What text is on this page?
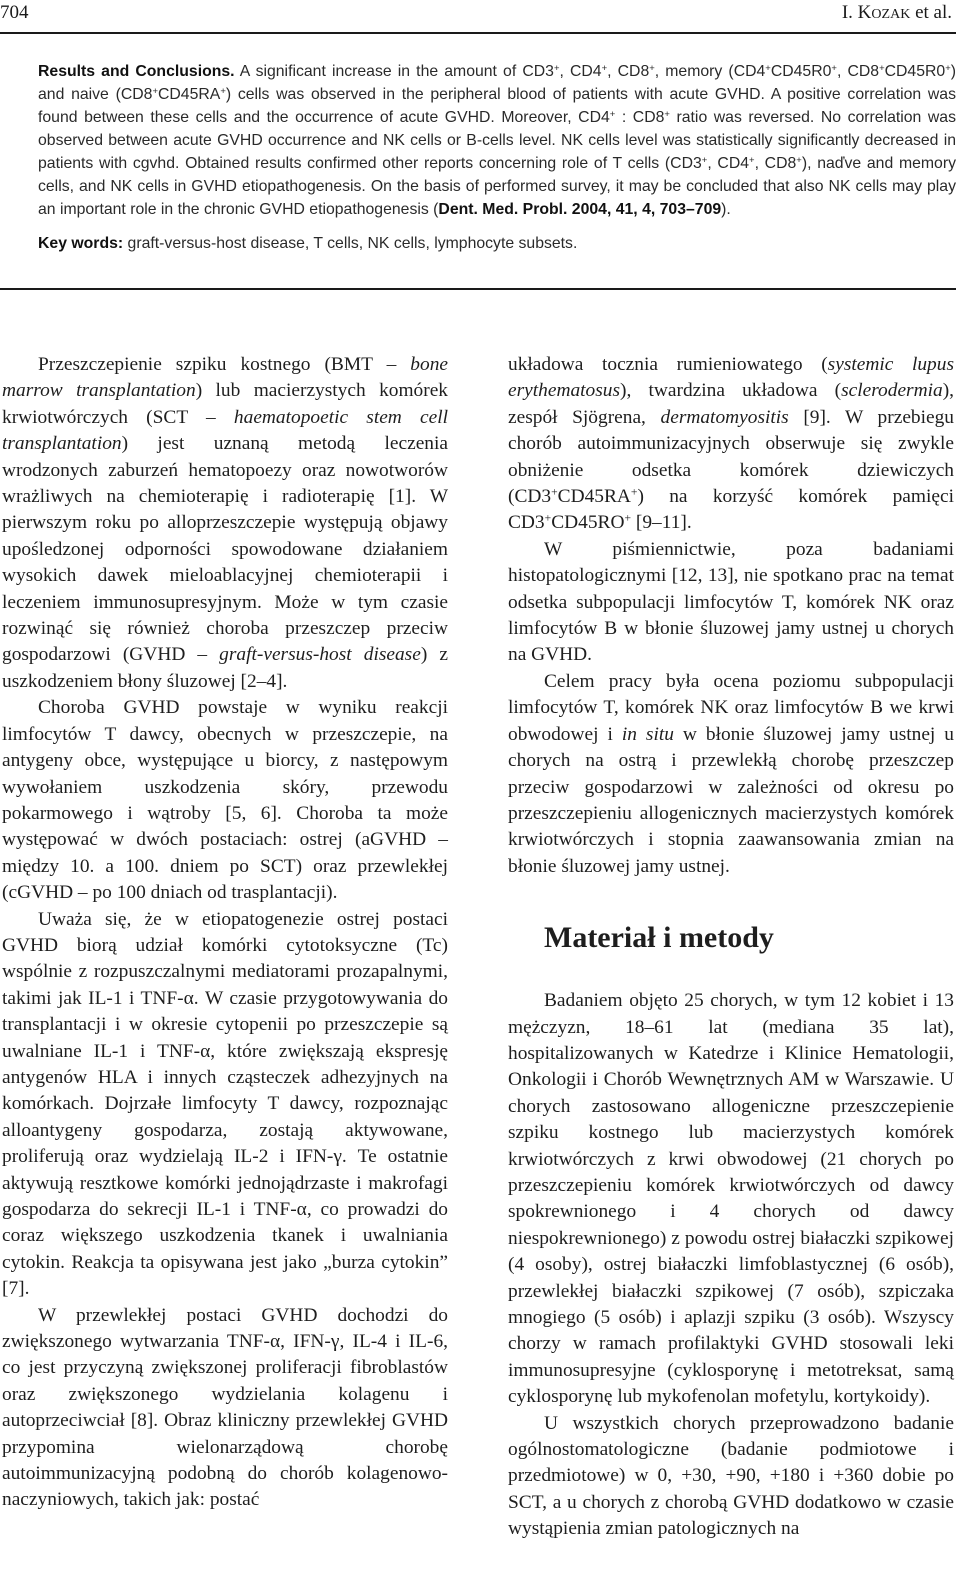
704	I. KOZAK et al.

Results and Conclusions. A significant increase in the amount of CD3+, CD4+, CD8+, memory (CD4+CD45R0+, CD8+CD45R0+) and naive (CD8+CD45RA+) cells was observed in the peripheral blood of patients with acute GVHD. A positive correlation was found between these cells and the occurrence of acute GVHD. Moreover, CD4+ : CD8+ ratio was reversed. No correlation was observed between acute GVHD occurrence and NK cells or B-cells level. NK cells level was statistically significantly decreased in patients with cgvhd. Obtained results confirmed other reports concerning role of T cells (CD3+, CD4+, CD8+), naďve and memory cells, and NK cells in GVHD etiopathogenesis. On the basis of performed survey, it may be concluded that also NK cells may play an important role in the chronic GVHD etiopathogenesis (Dent. Med. Probl. 2004, 41, 4, 703–709).

Key words: graft-versus-host disease, T cells, NK cells, lymphocyte subsets.

Przeszczepienie szpiku kostnego (BMT – bone marrow transplantation) lub macierzystych komórek krwiotwórczych (SCT – haematopoetic stem cell transplantation) jest uznaną metodą leczenia wrodzonych zaburzeń hematopoezy oraz nowotworów wrażliwych na chemioterapię i radioterapię [1]. W pierwszym roku po alloprzeszczepie występują objawy upośledzonej odporności spowodowane działaniem wysokich dawek mieloablacyjnej chemioterapii i leczeniem immunosupresyjnym. Może w tym czasie rozwinąć się również choroba przeszczep przeciw gospodarzowi (GVHD – graft-versus-host disease) z uszkodzeniem błony śluzowej [2–4].

Choroba GVHD powstaje w wyniku reakcji limfocytów T dawcy, obecnych w przeszczepie, na antygeny obce, występujące u biorcy, z następowym wywołaniem uszkodzenia skóry, przewodu pokarmowego i wątroby [5, 6]. Choroba ta może występować w dwóch postaciach: ostrej (aGVHD – między 10. a 100. dniem po SCT) oraz przewlekłej (cGVHD – po 100 dniach od trasplantacji).

Uważa się, że w etiopatogenezie ostrej postaci GVHD biorą udział komórki cytotoksyczne (Tc) wspólnie z rozpuszczalnymi mediatorami prozapalnymi, takimi jak IL-1 i TNF-α. W czasie przygotowywania do transplantacji i w okresie cytopenii po przeszczepie są uwalniane IL-1 i TNF-α, które zwiększają ekspresję antygenów HLA i innych cząsteczek adhezyjnych na komórkach. Dojrzałe limfocyty T dawcy, rozpoznając alloantygeny gospodarza, zostają aktywowane, proliferują oraz wydzielają IL-2 i IFN-γ. Te ostatnie aktywują resztkowe komórki jednojądrzaste i makrofagi gospodarza do sekrecji IL-1 i TNF-α, co prowadzi do coraz większego uszkodzenia tkanek i uwalniania cytokin. Reakcja ta opisywana jest jako „burza cytokin” [7].

W przewlekłej postaci GVHD dochodzi do zwiększonego wytwarzania TNF-α, IFN-γ, IL-4 i IL-6, co jest przyczyną zwiększonej proliferacji fibroblastów oraz zwiększonego wydzielania kolagenu i autoprzeciwciał [8]. Obraz kliniczny przewlekłej GVHD przypomina wielonarządową chorobę autoimmunizacyjną podobną do chorób kolagenowo-naczyniowych, takich jak: postać

układowa tocznia rumieniowatego (systemic lupus erythematosus), twardzina układowa (sclerodermia), zespół Sjögrena, dermatomyositis [9]. W przebiegu chorób autoimmunizacyjnych obserwuje się zwykle obniżenie odsetka komórek dziewiczych (CD3+CD45RA+) na korzyść komórek pamięci CD3+CD45RO+ [9–11].

W piśmiennictwie, poza badaniami histopatologicznymi [12, 13], nie spotkano prac na temat odsetka subpopulacji limfocytów T, komórek NK oraz limfocytów B w błonie śluzowej jamy ustnej u chorych na GVHD.

Celem pracy była ocena poziomu subpopulacji limfocytów T, komórek NK oraz limfocytów B we krwi obwodowej i in situ w błonie śluzowej jamy ustnej u chorych na ostrą i przewlekłą chorobę przeszczep przeciw gospodarzowi w zależności od okresu po przeszczepieniu allogenicznych macierzystych komórek krwiotwórczych i stopnia zaawansowania zmian na błonie śluzowej jamy ustnej.

Materiał i metody

Badaniem objęto 25 chorych, w tym 12 kobiet i 13 mężczyzn, 18–61 lat (mediana 35 lat), hospitalizowanych w Katedrze i Klinice Hematologii, Onkologii i Chorób Wewnętrznych AM w Warszawie. U chorych zastosowano allogeniczne przeszczepienie szpiku kostnego lub macierzystych komórek krwiotwórczych z krwi obwodowej (21 chorych po przeszczepieniu komórek krwiotwórczych od dawcy spokrewnionego i 4 chorych od dawcy niespokrewnionego) z powodu ostrej białaczki szpikowej (4 osoby), ostrej białaczki limfoblastycznej (6 osób), przewlekłej białaczki szpikowej (7 osób), szpiczaka mnogiego (5 osób) i aplazji szpiku (3 osób). Wszyscy chorzy w ramach profilaktyki GVHD stosowali leki immunosupresyjne (cyklosporynę i metotreksat, samą cyklosporynę lub mykofenolan mofetylu, kortykoidy).

U wszystkich chorych przeprowadzono badanie ogólnostomatologiczne (badanie podmiotowe i przedmiotowe) w 0, +30, +90, +180 i +360 dobie po SCT, a u chorych z chorobą GVHD dodatkowo w czasie wystąpienia zmian patologicznych na
